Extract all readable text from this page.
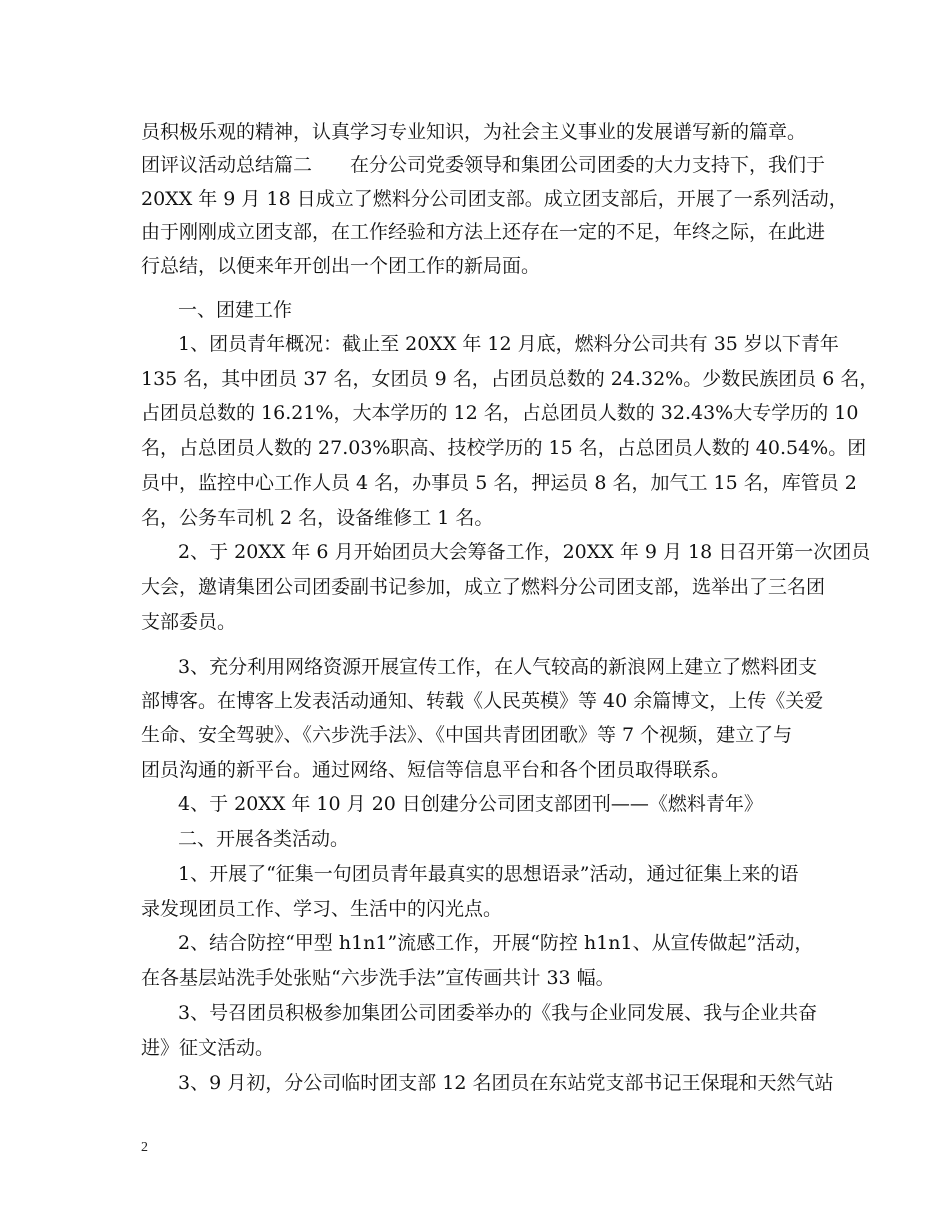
员积极乐观的精神，认真学习专业知识，为社会主义事业的发展谱写新的篇章。
团评议活动总结篇二　　在分公司党委领导和集团公司团委的大力支持下，我们于
20XX 年 9 月 18 日成立了燃料分公司团支部。成立团支部后，开展了一系列活动，
由于刚刚成立团支部，在工作经验和方法上还存在一定的不足，年终之际，在此进
行总结，以便来年开创出一个团工作的新局面。
一、团建工作
1、团员青年概况：截止至 20XX 年 12 月底，燃料分公司共有 35 岁以下青年
135 名，其中团员 37 名，女团员 9 名，占团员总数的 24.32%。少数民族团员 6 名，
占团员总数的 16.21%，大本学历的 12 名，占总团员人数的 32.43%大专学历的 10
名，占总团员人数的 27.03%职高、技校学历的 15 名，占总团员人数的 40.54%。团
员中，监控中心工作人员 4 名，办事员 5 名，押运员 8 名，加气工 15 名，库管员 2
名，公务车司机 2 名，设备维修工 1 名。
2、于 20XX 年 6 月开始团员大会筹备工作，20XX 年 9 月 18 日召开第一次团员
大会，邀请集团公司团委副书记参加，成立了燃料分公司团支部，选举出了三名团
支部委员。
3、充分利用网络资源开展宣传工作，在人气较高的新浪网上建立了燃料团支
部博客。在博客上发表活动通知、转载《人民英模》等 40 余篇博文，上传《关爱
生命、安全驾驶》、《六步洗手法》、《中国共青团团歌》等 7 个视频，建立了与
团员沟通的新平台。通过网络、短信等信息平台和各个团员取得联系。
4、于 20XX 年 10 月 20 日创建分公司团支部团刊——《燃料青年》
二、开展各类活动。
1、开展了“征集一句团员青年最真实的思想语录”活动，通过征集上来的语
录发现团员工作、学习、生活中的闪光点。
2、结合防控“甲型 h1n1”流感工作，开展“防控 h1n1、从宣传做起”活动，
在各基层站洗手处张贴“六步洗手法”宣传画共计 33 幅。
3、号召团员积极参加集团公司团委举办的《我与企业同发展、我与企业共奋
进》征文活动。
3、9 月初，分公司临时团支部 12 名团员在东站党支部书记王保琨和天然气站
2
